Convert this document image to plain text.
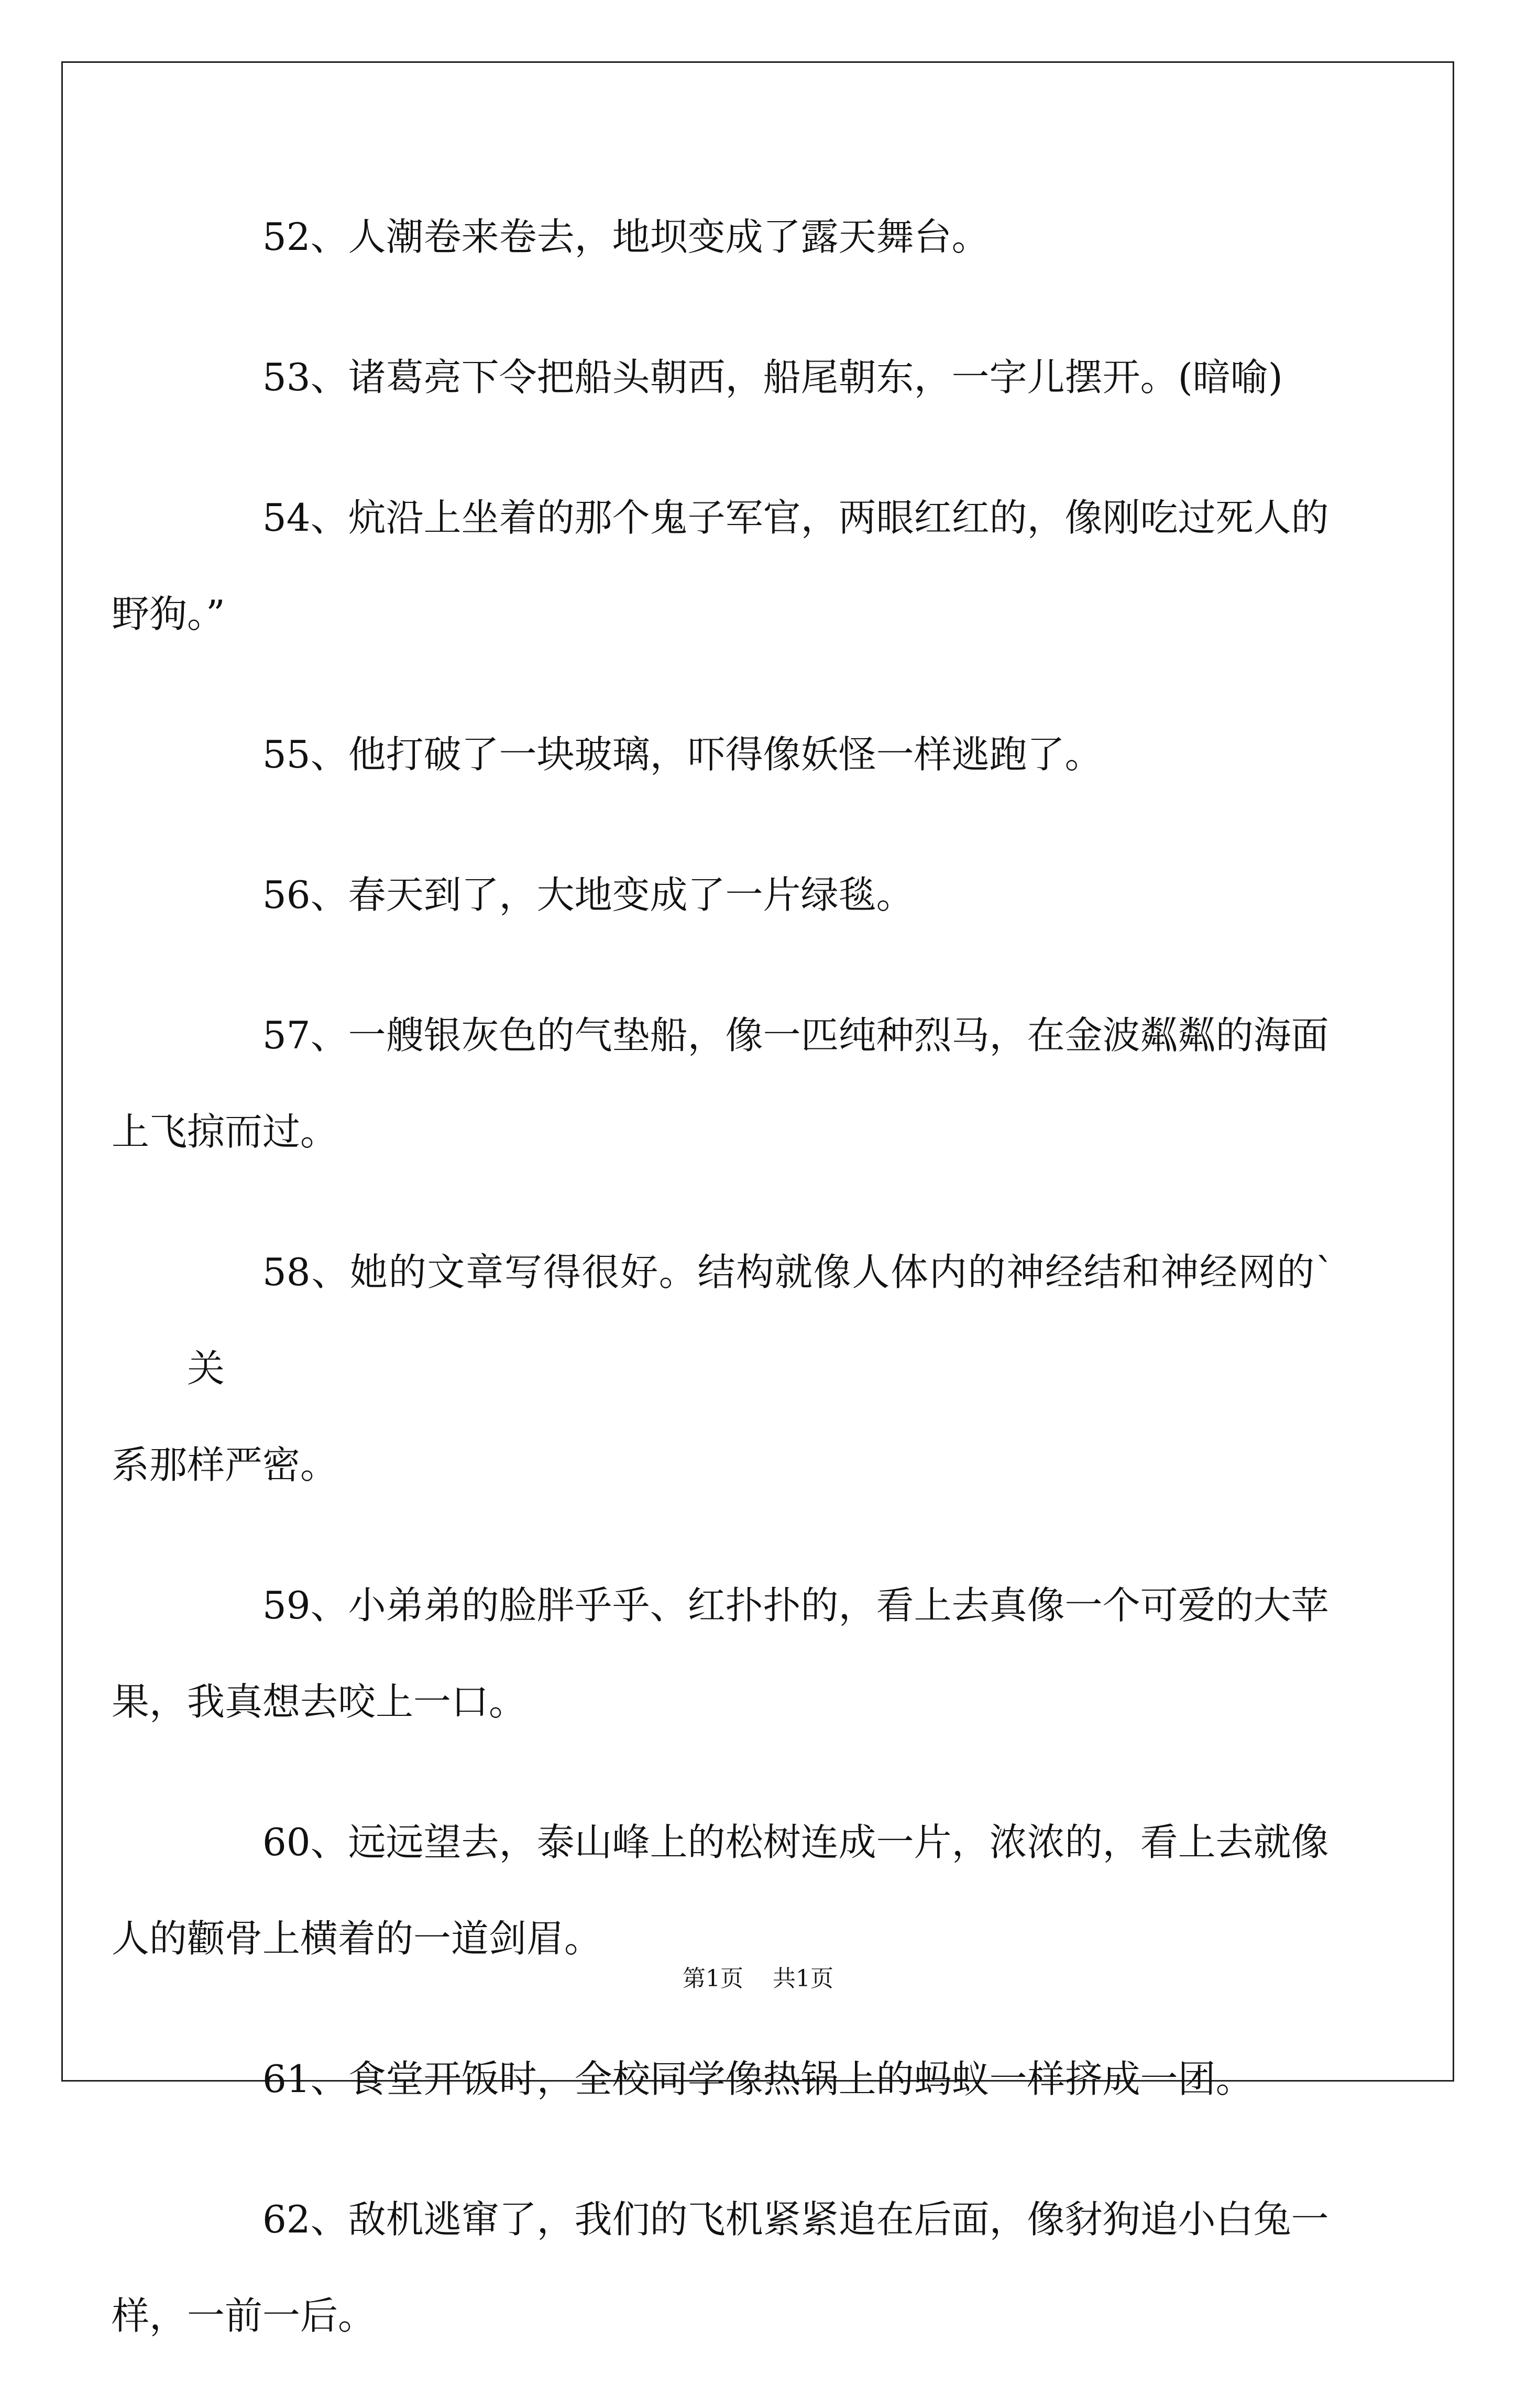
52、人潮卷来卷去，地坝变成了露天舞台。

53、诸葛亮下令把船头朝西，船尾朝东，一字儿摆开。(暗喻)

54、炕沿上坐着的那个鬼子军官，两眼红红的，像刚吃过死人的
野狗。”

55、他打破了一块玻璃，吓得像妖怪一样逃跑了。

56、春天到了，大地变成了一片绿毯。

57、一艘银灰色的气垫船，像一匹纯种烈马，在金波粼粼的海面
上飞掠而过。

58、她的文章写得很好。结构就像人体内的神经结和神经网的`关
系那样严密。

59、小弟弟的脸胖乎乎、红扑扑的，看上去真像一个可爱的大苹
果，我真想去咬上一口。

60、远远望去，泰山峰上的松树连成一片，浓浓的，看上去就像
人的颧骨上横着的一道剑眉。

61、食堂开饭时，全校同学像热锅上的蚂蚁一样挤成一团。

62、敌机逃窜了，我们的飞机紧紧追在后面，像豺狗追小白兔一
样，一前一后。

第1页 共1页
